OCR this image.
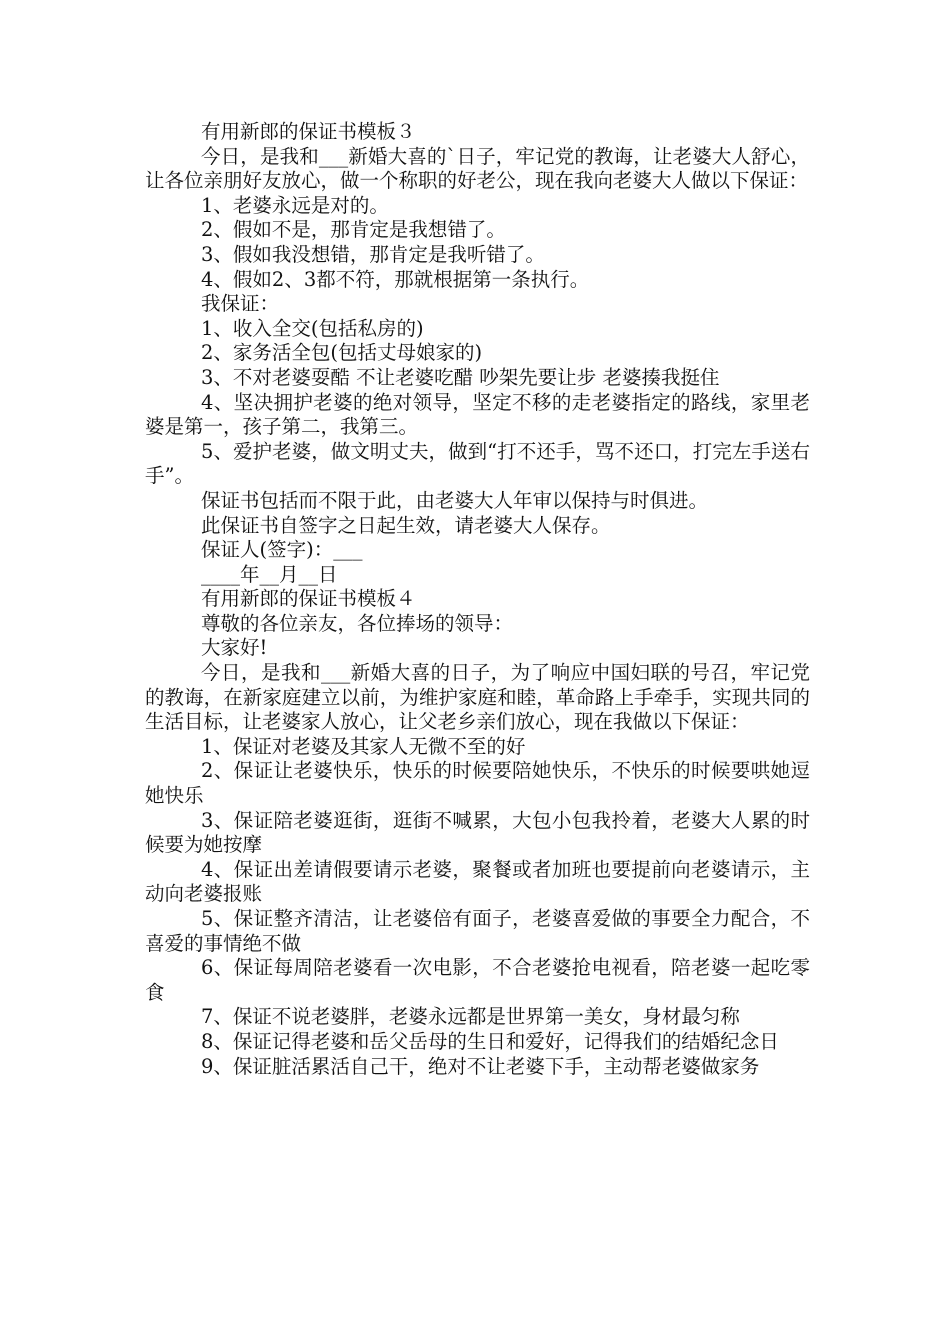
有用新郎的保证书模板３

今日，是我和___新婚大喜的`日子，牢记党的教诲，让老婆大人舒心，让各位亲朋好友放心，做一个称职的好老公，现在我向老婆大人做以下保证：

1、老婆永远是对的。

2、假如不是，那肯定是我想错了。

3、假如我没想错，那肯定是我听错了。

4、假如2、3都不符，那就根据第一条执行。

我保证：

1、收入全交(包括私房的)

2、家务活全包(包括丈母娘家的)

3、不对老婆耍酷 不让老婆吃醋 吵架先要让步 老婆揍我挺住

4、坚决拥护老婆的绝对领导，坚定不移的走老婆指定的路线，家里老婆是第一，孩子第二，我第三。

5、爱护老婆，做文明丈夫，做到“打不还手，骂不还口，打完左手送右手”。

保证书包括而不限于此，由老婆大人年审以保持与时俱进。

此保证书自签字之日起生效，请老婆大人保存。

保证人(签字)：___

____年__月__日

有用新郎的保证书模板４

尊敬的各位亲友，各位捧场的领导：

大家好!

今日，是我和___新婚大喜的日子，为了响应中国妇联的号召，牢记党的教诲，在新家庭建立以前，为维护家庭和睦，革命路上手牵手，实现共同的生活目标，让老婆家人放心，让父老乡亲们放心，现在我做以下保证：

1、保证对老婆及其家人无微不至的好

2、保证让老婆快乐，快乐的时候要陪她快乐，不快乐的时候要哄她逗她快乐

3、保证陪老婆逛街，逛街不喊累，大包小包我拎着，老婆大人累的时候要为她按摩

4、保证出差请假要请示老婆，聚餐或者加班也要提前向老婆请示，主动向老婆报账

5、保证整齐清洁，让老婆倍有面子，老婆喜爱做的事要全力配合，不喜爱的事情绝不做

6、保证每周陪老婆看一次电影，不合老婆抢电视看，陪老婆一起吃零食

7、保证不说老婆胖，老婆永远都是世界第一美女，身材最匀称

8、保证记得老婆和岳父岳母的生日和爱好，记得我们的结婚纪念日

9、保证脏活累活自己干，绝对不让老婆下手，主动帮老婆做家务
